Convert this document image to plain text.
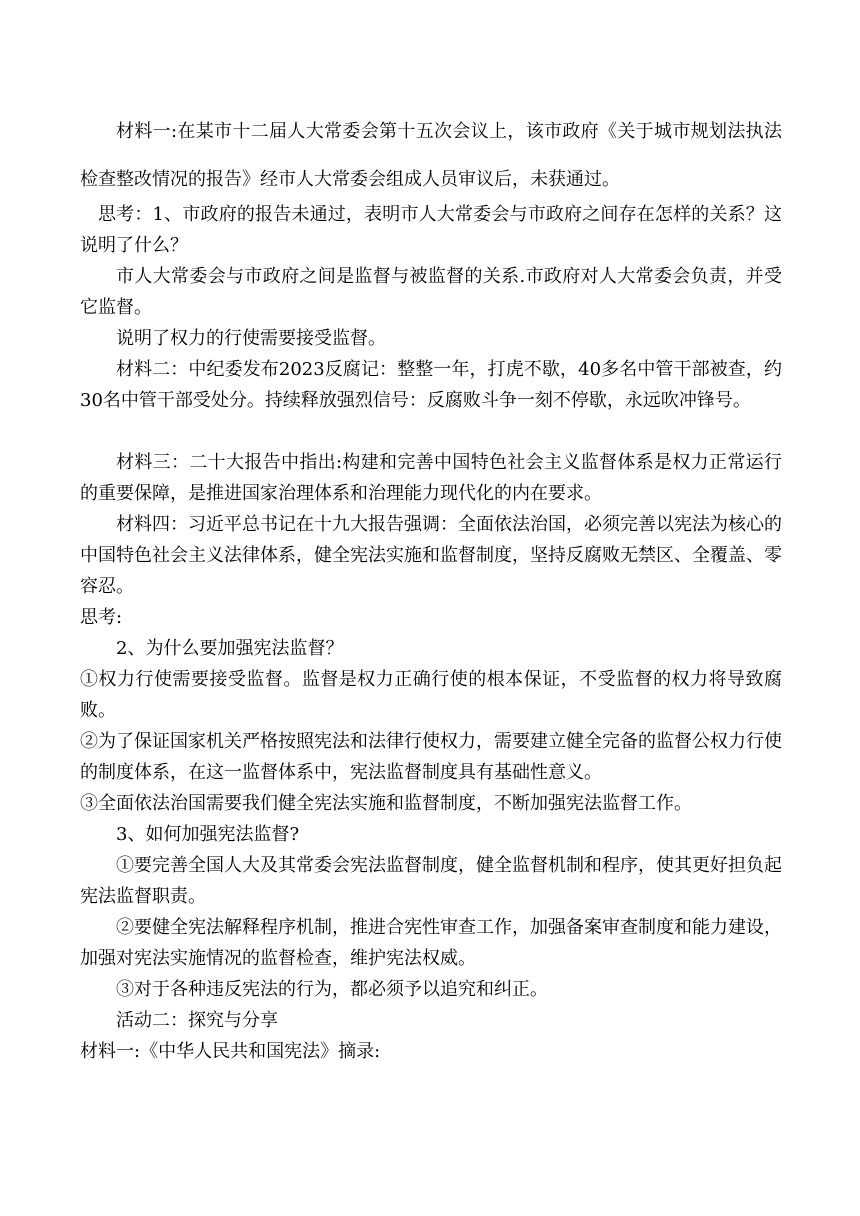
材料一:在某市十二届人大常委会第十五次会议上，该市政府《关于城市规划法执法检查整改情况的报告》经市人大常委会组成人员审议后，未获通过。

思考：1、市政府的报告未通过，表明市人大常委会与市政府之间存在怎样的关系？这说明了什么？

市人大常委会与市政府之间是监督与被监督的关系.市政府对人大常委会负责，并受它监督。

说明了权力的行使需要接受监督。

材料二：中纪委发布2023反腐记：整整一年，打虎不歇，40多名中管干部被查，约30名中管干部受处分。持续释放强烈信号：反腐败斗争一刻不停歇，永远吹冲锋号。

材料三：二十大报告中指出:构建和完善中国特色社会主义监督体系是权力正常运行的重要保障，是推进国家治理体系和治理能力现代化的内在要求。

材料四：习近平总书记在十九大报告强调：全面依法治国，必须完善以宪法为核心的中国特色社会主义法律体系，健全宪法实施和监督制度，坚持反腐败无禁区、全覆盖、零容忍。

思考:

2、为什么要加强宪法监督？

①权力行使需要接受监督。监督是权力正确行使的根本保证，不受监督的权力将导致腐败。

②为了保证国家机关严格按照宪法和法律行使权力，需要建立健全完备的监督公权力行使的制度体系，在这一监督体系中，宪法监督制度具有基础性意义。

③全面依法治国需要我们健全宪法实施和监督制度，不断加强宪法监督工作。

3、如何加强宪法监督?

①要完善全国人大及其常委会宪法监督制度，健全监督机制和程序，使其更好担负起宪法监督职责。

②要健全宪法解释程序机制，推进合宪性审查工作，加强备案审查制度和能力建设，加强对宪法实施情况的监督检查，维护宪法权威。

③对于各种违反宪法的行为，都必须予以追究和纠正。

活动二：探究与分享

材料一:《中华人民共和国宪法》摘录:
